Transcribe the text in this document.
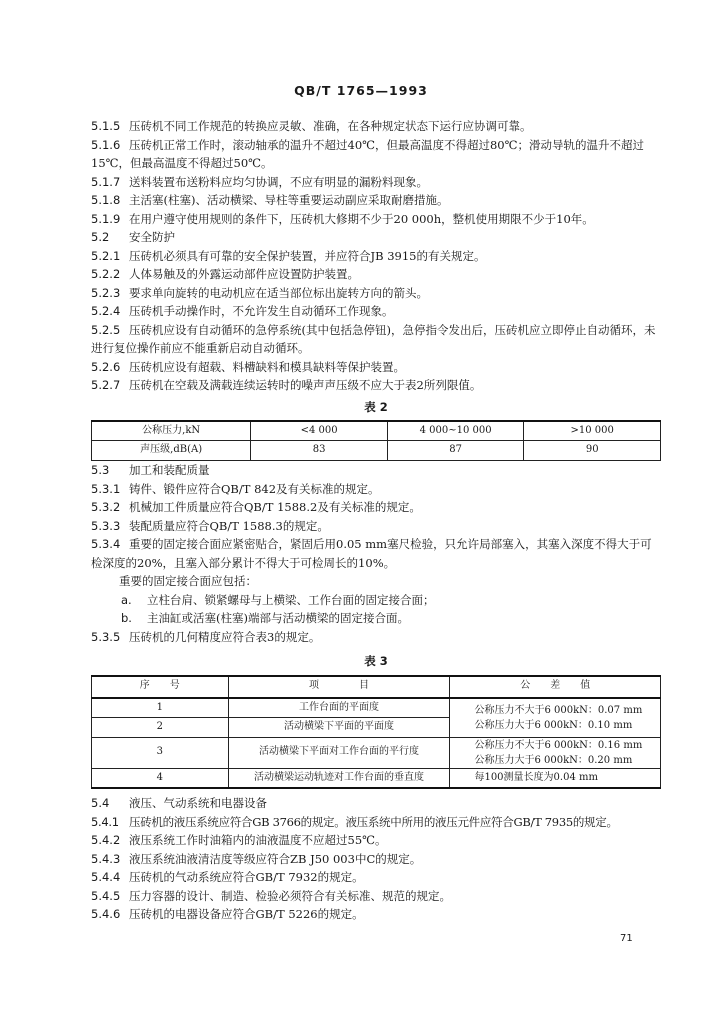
QB/T 1765—1993

5.1.5 压砖机不同工作规范的转换应灵敏、准确，在各种规定状态下运行应协调可靠。

5.1.6 压砖机正常工作时，滚动轴承的温升不超过40℃，但最高温度不得超过80℃；滑动导轨的温升不超过15℃，但最高温度不得超过50℃。

5.1.7 送料装置布送粉料应均匀协调，不应有明显的漏粉料现象。

5.1.8 主活塞(柱塞)、活动横梁、导柱等重要运动副应采取耐磨措施。

5.1.9 在用户遵守使用规则的条件下，压砖机大修期不少于20 000h，整机使用期限不少于10年。

5.2 安全防护

5.2.1 压砖机必须具有可靠的安全保护装置，并应符合JB 3915的有关规定。

5.2.2 人体易触及的外露运动部件应设置防护装置。

5.2.3 要求单向旋转的电动机应在适当部位标出旋转方向的箭头。

5.2.4 压砖机手动操作时，不允许发生自动循环工作现象。

5.2.5 压砖机应设有自动循环的急停系统(其中包括急停钮)，急停指令发出后，压砖机应立即停止自动循环，未进行复位操作前应不能重新启动自动循环。

5.2.6 压砖机应设有超载、料槽缺料和模具缺料等保护装置。

5.2.7 压砖机在空载及满载连续运转时的噪声声压级不应大于表2所列限值。

表 2
公称压力,kN	<4 000	4 000~10 000	>10 000
声压级,dB(A)	83	87	90

5.3 加工和装配质量

5.3.1 铸件、锻件应符合QB/T 842及有关标准的规定。

5.3.2 机械加工件质量应符合QB/T 1588.2及有关标准的规定。

5.3.3 装配质量应符合QB/T 1588.3的规定。

5.3.4 重要的固定接合面应紧密贴合，紧固后用0.05 mm塞尺检验，只允许局部塞入，其塞入深度不得大于可检深度的20%，且塞入部分累计不得大于可检周长的10%。

重要的固定接合面应包括：

a. 立柱台肩、锁紧螺母与上横梁、工作台面的固定接合面；

b. 主油缸或活塞(柱塞)端部与活动横梁的固定接合面。

5.3.5 压砖机的几何精度应符合表3的规定。

表 3
序　　号	项　　　　目	公　　差　　值
1	工作台面的平面度	公称压力不大于6 000kN：0.07 mm
公称压力大于6 000kN：0.10 mm

2	活动横梁下平面的平面度	
3	活动横梁下平面对工作台面的平行度	公称压力不大于6 000kN：0.16 mm
公称压力大于6 000kN：0.20 mm

4	活动横梁运动轨迹对工作台面的垂直度	每100测量长度为0.04 mm

5.4 液压、气动系统和电器设备

5.4.1 压砖机的液压系统应符合GB 3766的规定。液压系统中所用的液压元件应符合GB/T 7935的规定。

5.4.2 液压系统工作时油箱内的油液温度不应超过55℃。

5.4.3 液压系统油液清洁度等级应符合ZB J50 003中C的规定。

5.4.4 压砖机的气动系统应符合GB/T 7932的规定。

5.4.5 压力容器的设计、制造、检验必须符合有关标准、规范的规定。

5.4.6 压砖机的电器设备应符合GB/T 5226的规定。

71
